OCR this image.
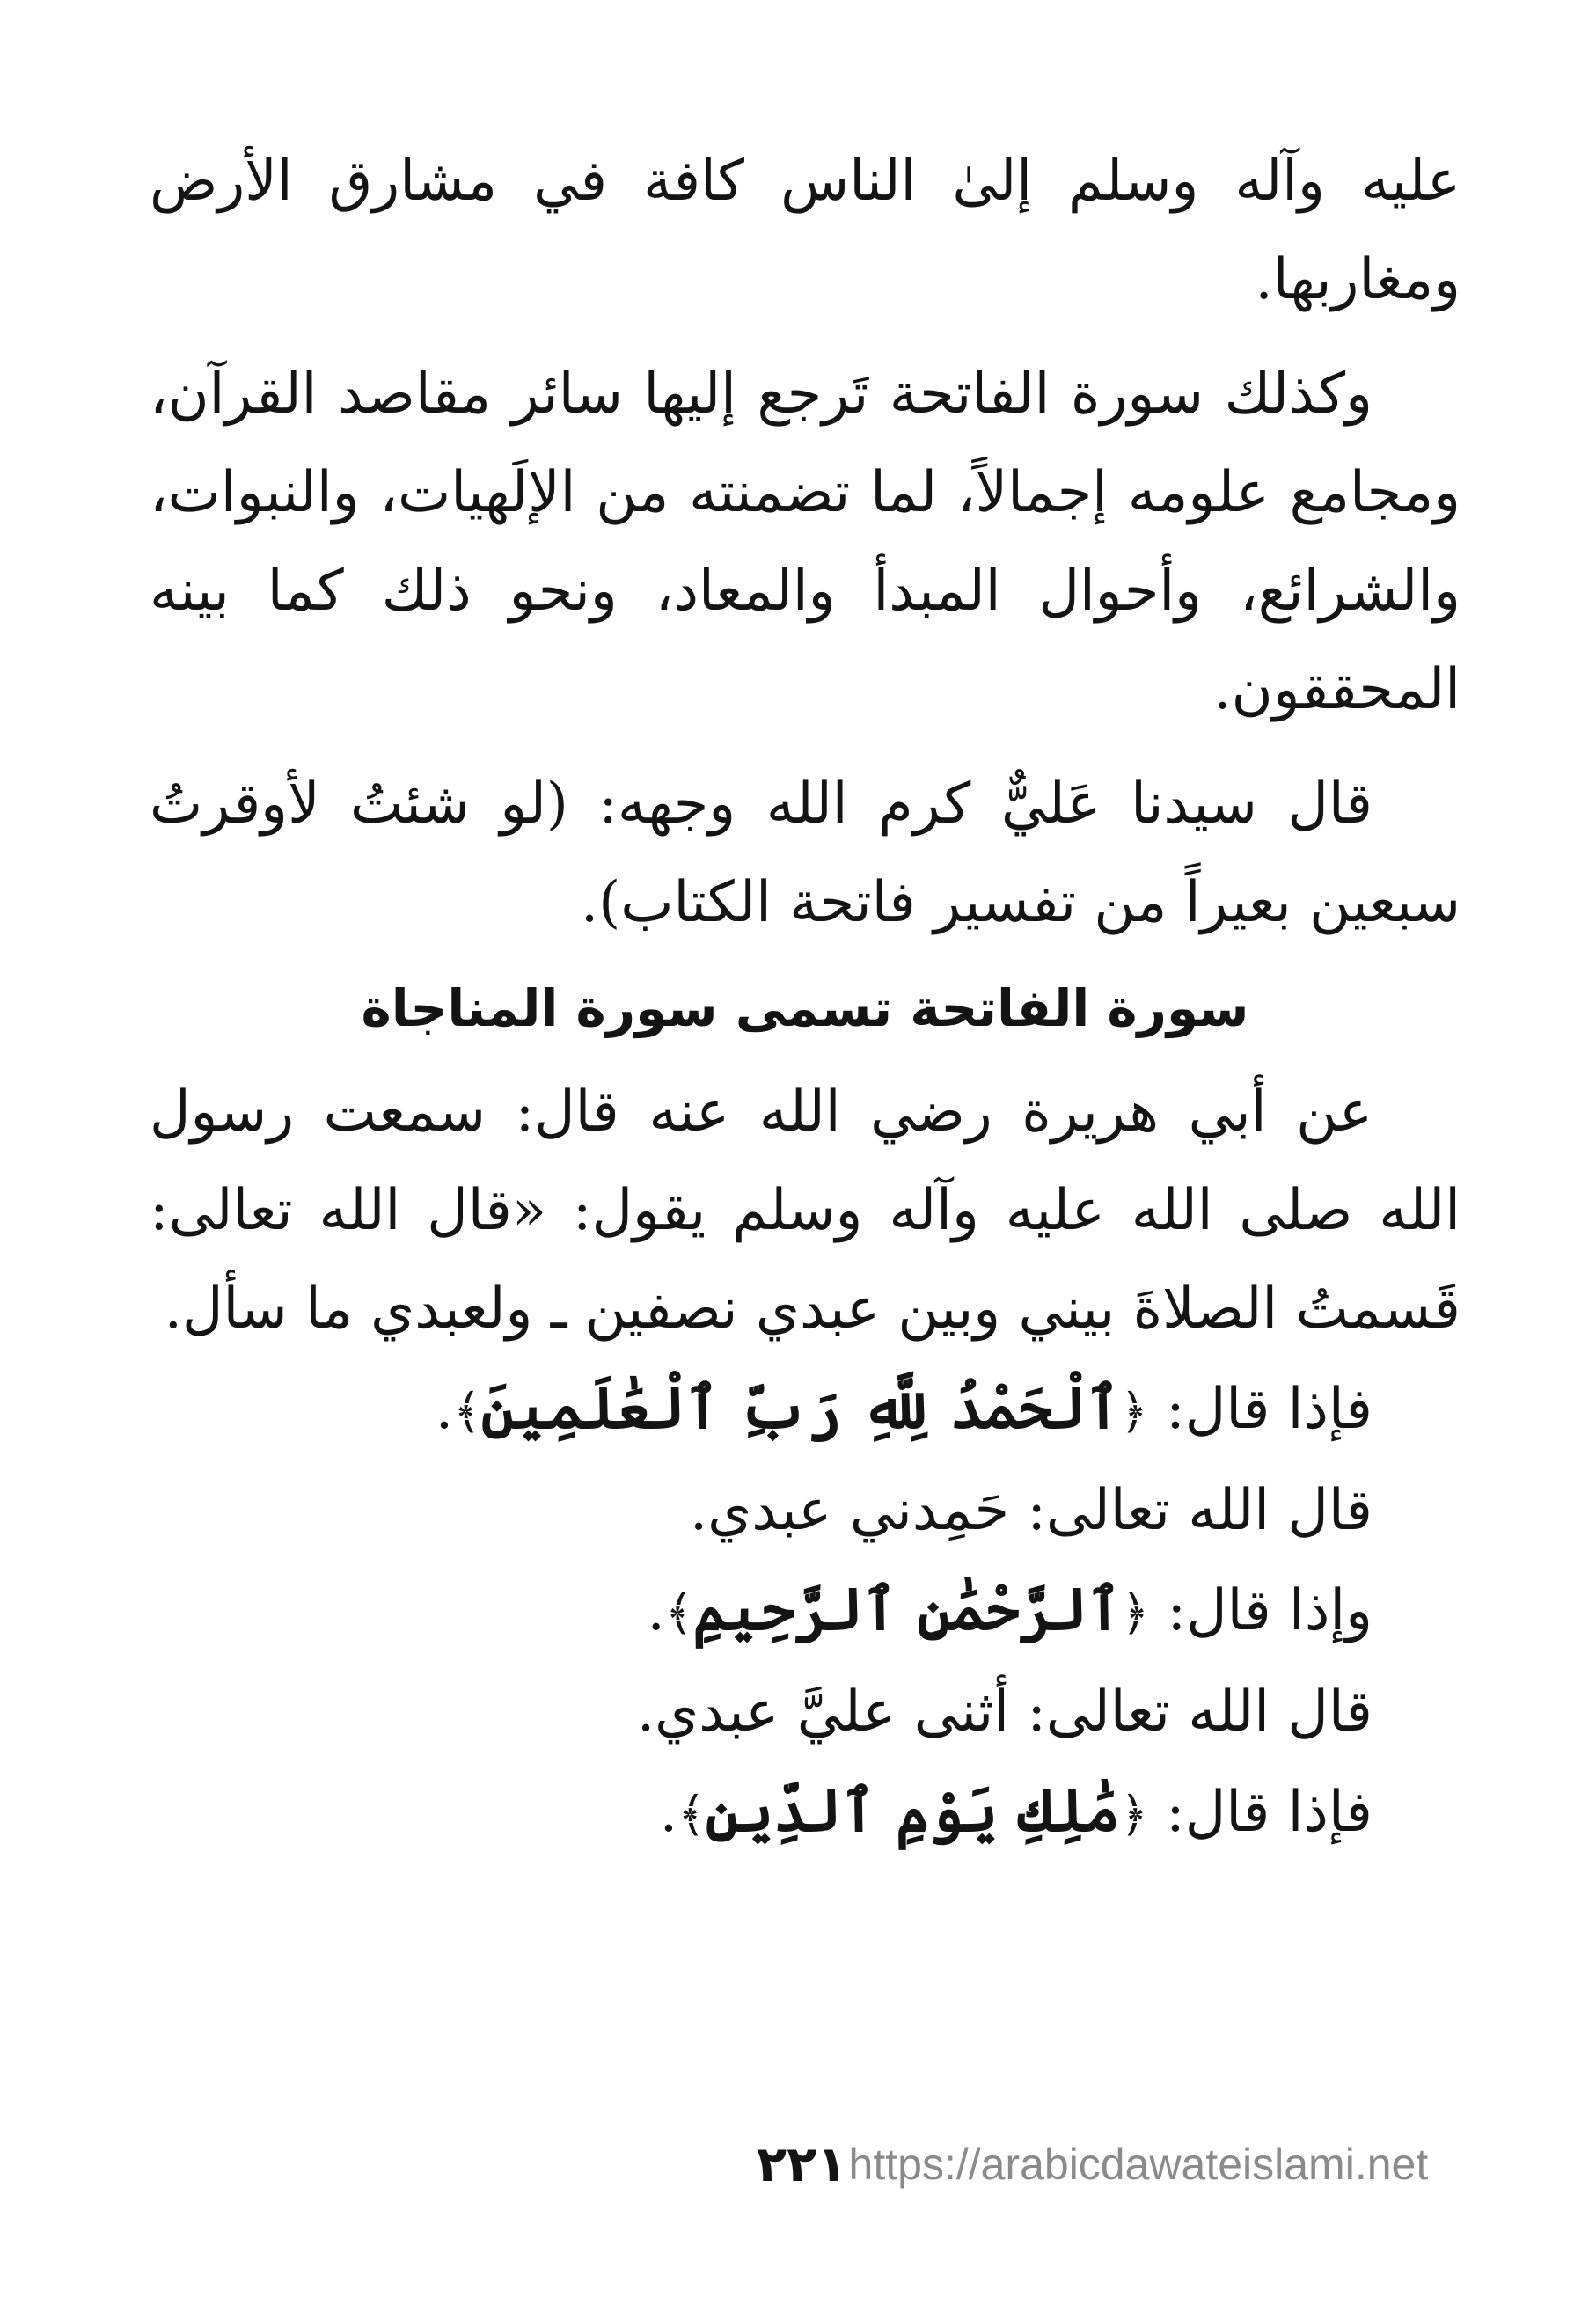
عليه وآله وسلم إلىٰ الناس كافة في مشارق الأرض ومغاربها.

وكذلك سورة الفاتحة تَرجع إليها سائر مقاصد القرآن، ومجامع علومه إجمالاً، لما تضمنته من الإلَهيات، والنبوات، والشرائع، وأحوال المبدأ والمعاد، ونحو ذلك كما بينه المحققون.

قال سيدنا عَليٌّ كرم الله وجهه: (لو شئتُ لأوقرتُ سبعين بعيراً من تفسير فاتحة الكتاب).

سورة الفاتحة تسمى سورة المناجاة

عن أبي هريرة رضي الله عنه قال: سمعت رسول الله صلى الله عليه وآله وسلم يقول: «قال الله تعالى: قَسمتُ الصلاةَ بيني وبين عبدي نصفين ـ ولعبدي ما سأل.

فإذا قال: ﴿ٱلْحَمْدُ لِلَّهِ رَبِّ ٱلْعَٰلَمِينَ﴾.

قال الله تعالى: حَمِدني عبدي.

وإذا قال: ﴿ٱلرَّحْمَٰنِ ٱلرَّحِيمِ﴾.

قال الله تعالى: أثنى عليَّ عبدي.

فإذا قال: ﴿مَٰلِكِ يَوْمِ ٱلدِّينِ﴾.

٢٢١ https://arabicdawateislami.net
